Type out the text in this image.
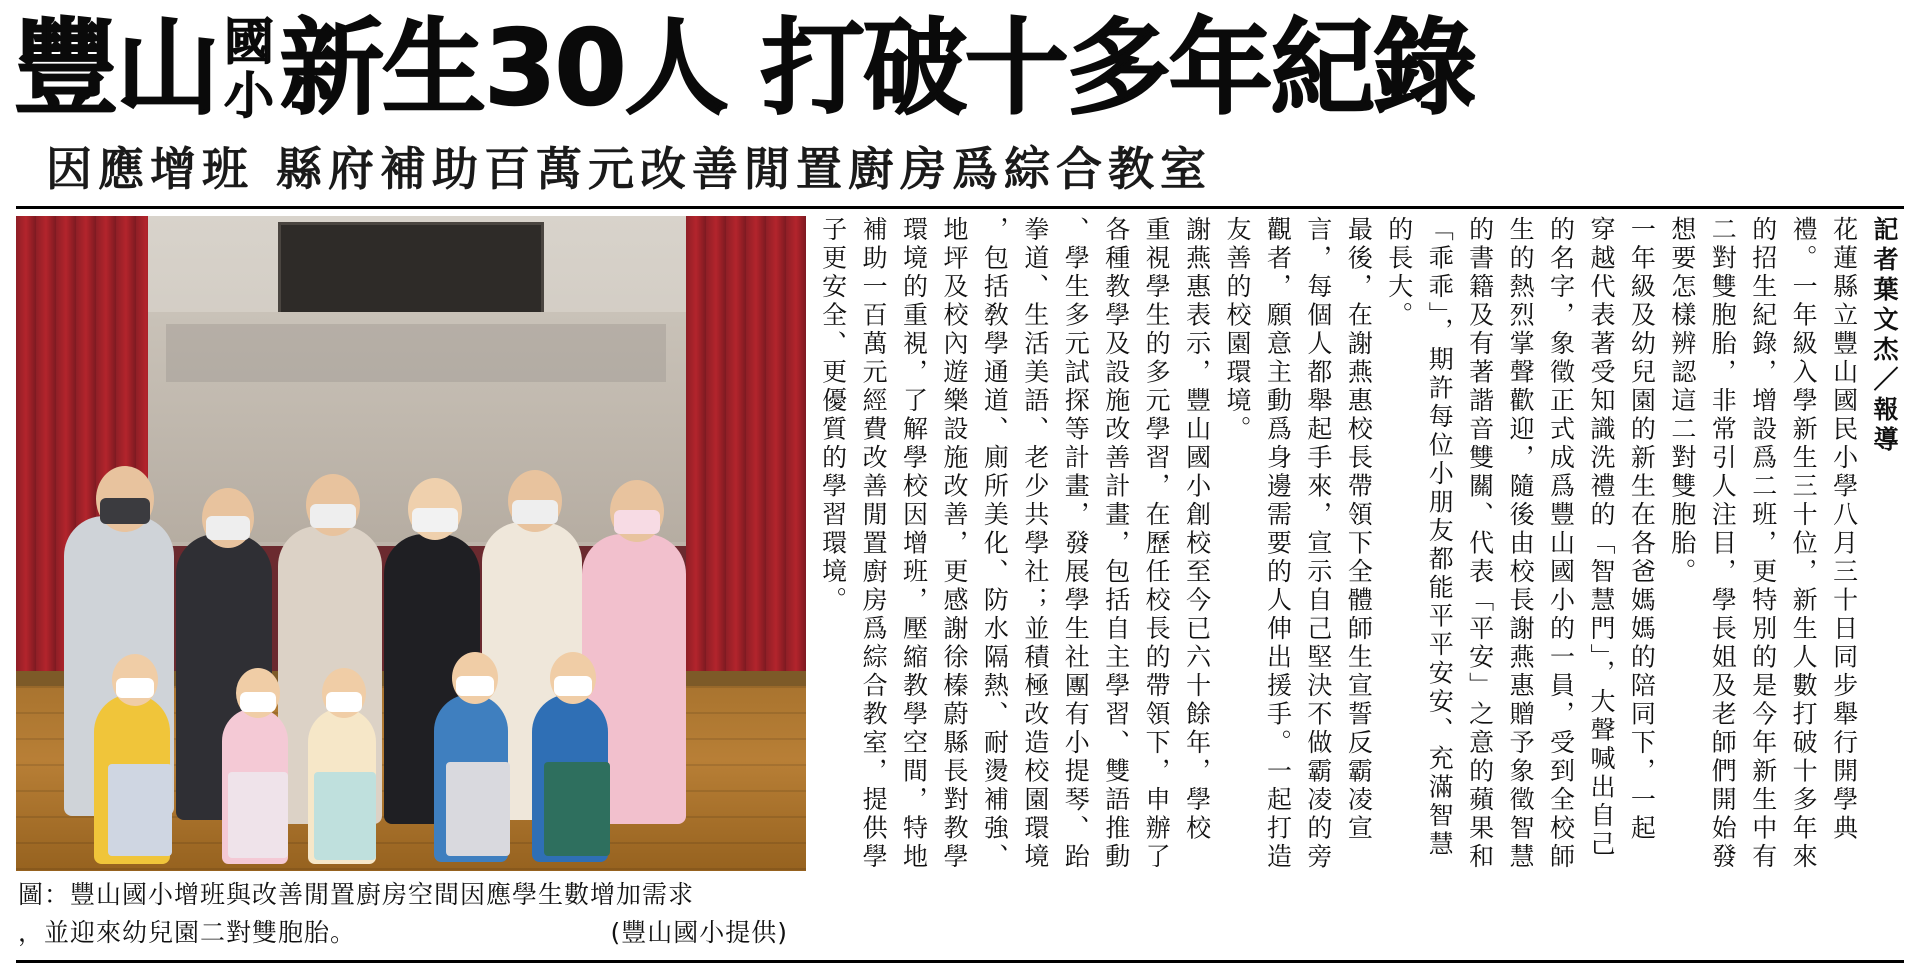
豐山 國
小 新生30人 打破十多年紀錄
因應增班 縣府補助百萬元改善閒置廚房爲綜合教室
圖：豐山國小增班與改善閒置廚房空間因應學生數增加需求
，並迎來幼兒園二對雙胞胎。	(豐山國小提供)
記者葉文杰／報導
花蓮縣立豐山國民小學八月三十日同步舉行開學典
禮。一年級入學新生三十位，新生人數打破十多年來
的招生紀錄，增設爲二班，更特別的是今年新生中有
二對雙胞胎，非常引人注目，學長姐及老師們開始發
想要怎樣辨認這二對雙胞胎。
一年級及幼兒園的新生在各爸媽媽的陪同下，一起
穿越代表著受知識洗禮的「智慧門」，大聲喊出自己
的名字，象徵正式成爲豐山國小的一員，受到全校師
生的熱烈掌聲歡迎，隨後由校長謝燕惠贈予象徵智慧
的書籍及有著諧音雙關、代表「平安」之意的蘋果和
「乖乖」，期許每位小朋友都能平平安安、充滿智慧
的長大。
最後，在謝燕惠校長帶領下全體師生宣誓反霸凌宣
言，每個人都舉起手來，宣示自己堅決不做霸凌的旁
觀者，願意主動爲身邊需要的人伸出援手。一起打造
友善的校園環境。
謝燕惠表示，豐山國小創校至今已六十餘年，學校
重視學生的多元學習，在歷任校長的帶領下，申辦了
各種教學及設施改善計畫，包括自主學習、雙語推動
、學生多元試探等計畫，發展學生社團有小提琴、跆
拳道、生活美語、老少共學社；並積極改造校園環境
，包括敎學通道、廁所美化、防水隔熱、耐燙補強、
地坪及校內遊樂設施改善，更感謝徐榛蔚縣長對教學
環境的重視，了解學校因增班，壓縮教學空間，特地
補助一百萬元經費改善閒置廚房爲綜合教室，提供學
子更安全、更優質的學習環境。
